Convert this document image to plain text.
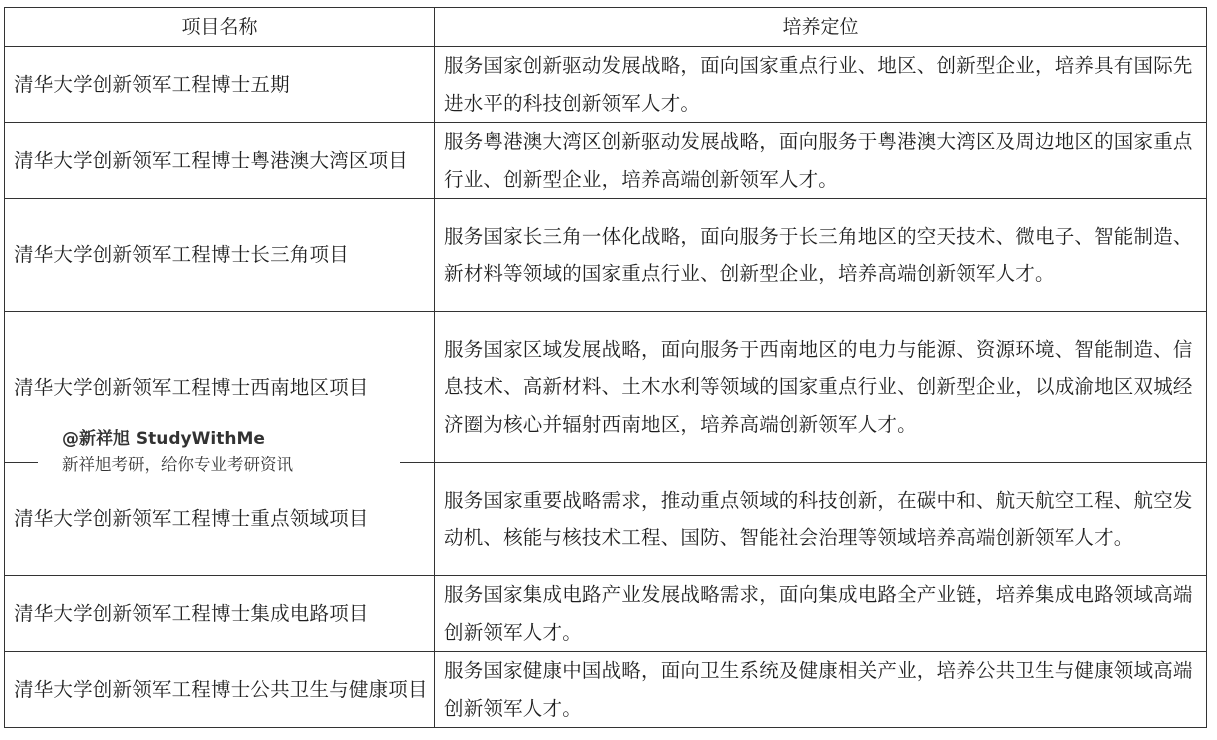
项目名称	培养定位
清华大学创新领军工程博士五期	服务国家创新驱动发展战略，面向国家重点行业、地区、创新型企业，培养具有国际先进水平的科技创新领军人才。
清华大学创新领军工程博士粤港澳大湾区项目	服务粤港澳大湾区创新驱动发展战略，面向服务于粤港澳大湾区及周边地区的国家重点行业、创新型企业，培养高端创新领军人才。
清华大学创新领军工程博士长三角项目	服务国家长三角一体化战略，面向服务于长三角地区的空天技术、微电子、智能制造、新材料等领域的国家重点行业、创新型企业，培养高端创新领军人才。
清华大学创新领军工程博士西南地区项目	服务国家区域发展战略，面向服务于西南地区的电力与能源、资源环境、智能制造、信息技术、高新材料、土木水利等领域的国家重点行业、创新型企业，以成渝地区双城经济圈为核心并辐射西南地区，培养高端创新领军人才。
清华大学创新领军工程博士重点领域项目	服务国家重要战略需求，推动重点领域的科技创新，在碳中和、航天航空工程、航空发动机、核能与核技术工程、国防、智能社会治理等领域培养高端创新领军人才。
清华大学创新领军工程博士集成电路项目	服务国家集成电路产业发展战略需求，面向集成电路全产业链，培养集成电路领域高端创新领军人才。
清华大学创新领军工程博士公共卫生与健康项目	服务国家健康中国战略，面向卫生系统及健康相关产业，培养公共卫生与健康领域高端创新领军人才。
@新祥旭 StudyWithMe
新祥旭考研，给你专业考研资讯
